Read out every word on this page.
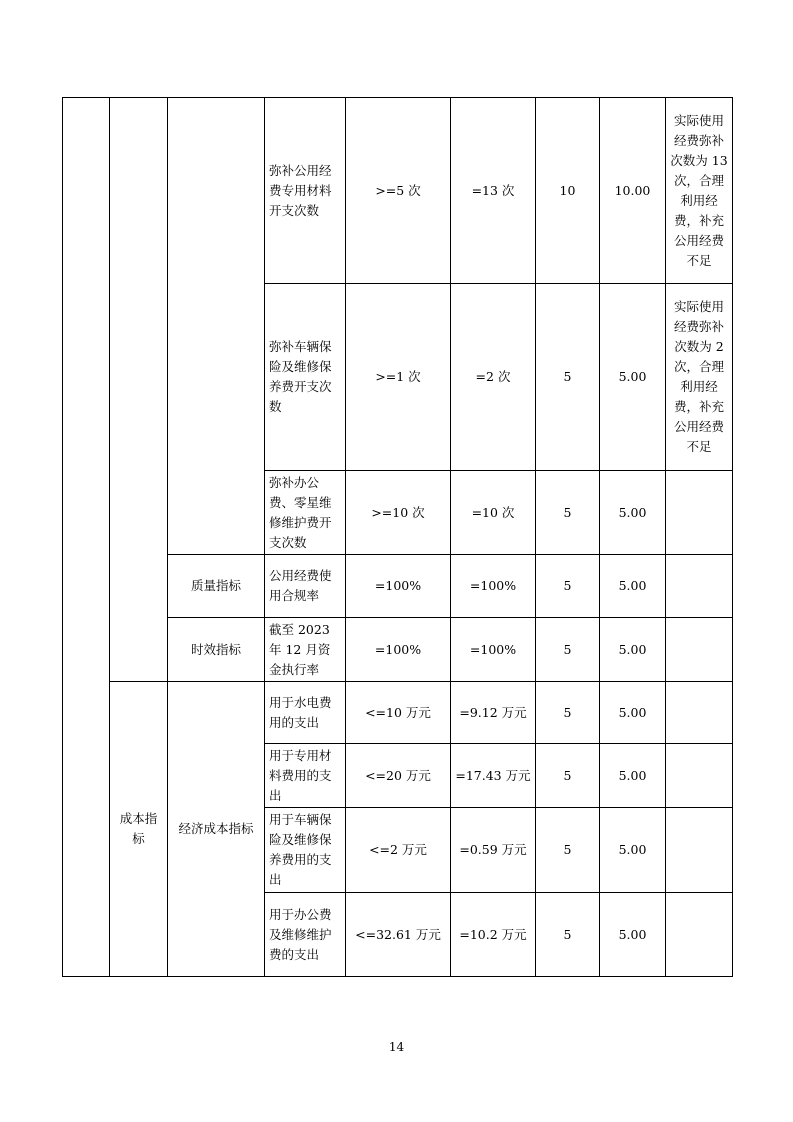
			弥补公用经费专用材料开支次数	>=5 次	=13 次	10	10.00	实际使用经费弥补次数为 13 次，合理利用经费，补充公用经费不足
			弥补车辆保险及维修保养费开支次数	>=1 次	=2 次	5	5.00	实际使用经费弥补次数为 2 次，合理利用经费，补充公用经费不足
			弥补办公费、零星维修维护费开支次数	>=10 次	=10 次	5	5.00	
		质量指标	公用经费使用合规率	=100%	=100%	5	5.00	
		时效指标	截至 2023 年 12 月资金执行率	=100%	=100%	5	5.00	
	成本指标	经济成本指标	用于水电费用的支出	<=10 万元	=9.12 万元	5	5.00	
			用于专用材料费用的支出	<=20 万元	=17.43 万元	5	5.00	
			用于车辆保险及维修保养费用的支出	<=2 万元	=0.59 万元	5	5.00	
			用于办公费及维修维护费的支出	<=32.61 万元	=10.2 万元	5	5.00	
14
